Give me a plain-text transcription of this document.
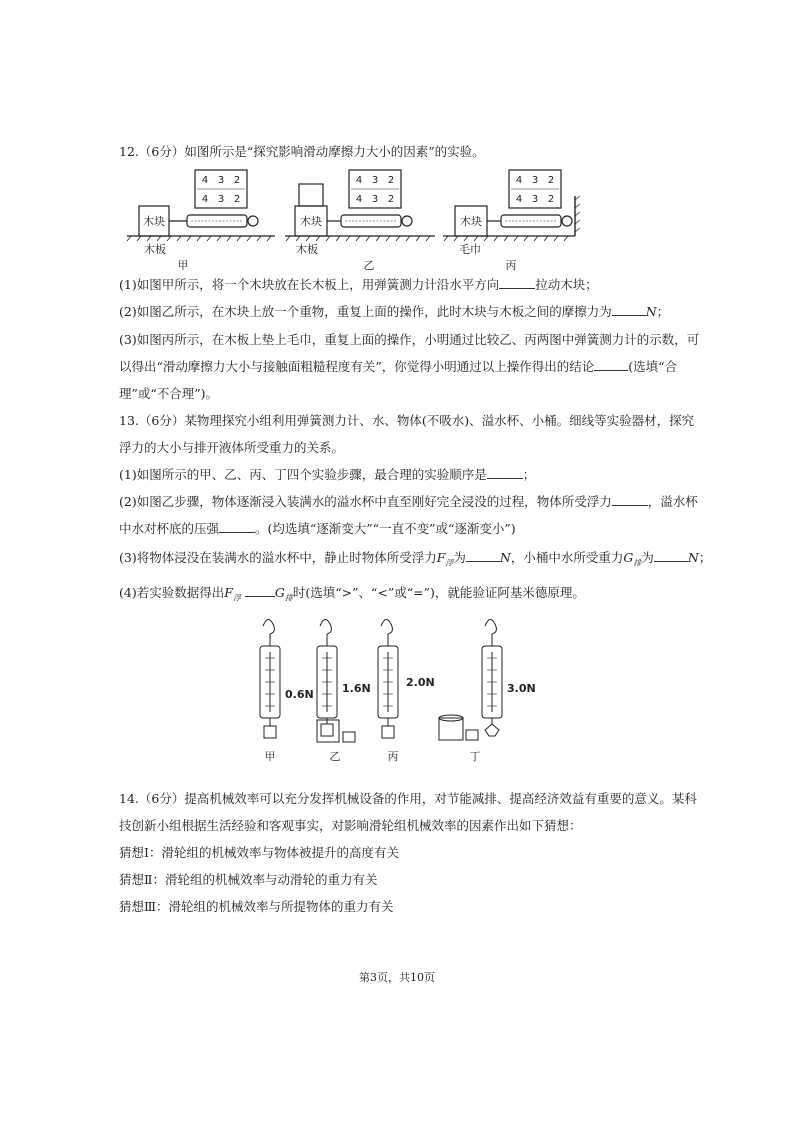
12.（6分）如图所示是“探究影响滑动摩擦力大小的因素”的实验。
4 3 2
4 3 2
4 3 2
4 3 2
4 3 2
4 3 2
木块	木块	木块
木板	木板	毛巾
甲	乙	丙
(1)如图甲所示，将一个木块放在长木板上，用弹簧测力计沿水平方向	拉动木块；
(2)如图乙所示，在木块上放一个重物，重复上面的操作，此时木块与木板之间的摩擦力为	N；
(3)如图丙所示，在木板上垫上毛巾，重复上面的操作，小明通过比较乙、丙两图中弹簧测力计的示数，可
以得出“滑动摩擦力大小与接触面粗糙程度有关”，你觉得小明通过以上操作得出的结论	(选填“合
理”或“不合理”)。
13.（6分）某物理探究小组利用弹簧测力计、水、物体(不吸水)、溢水杯、小桶。细线等实验器材，探究
浮力的大小与排开液体所受重力的关系。
(1)如图所示的甲、乙、丙、丁四个实验步骤，最合理的实验顺序是	；
(2)如图乙步骤，物体逐渐浸入装满水的溢水杯中直至刚好完全浸没的过程，物体所受浮力	，溢水杯
中水对杯底的压强	。(均选填“逐渐变大”“一直不变”或“逐渐变小”)
(3)将物体浸没在装满水的溢水杯中，静止时物体所受浮力$F_浮$为	N，小桶中水所受重力$G_排$为	N；
(4)若实验数据得出$F_浮$	$G_排$时(选填“>”、“<”或“=”)，就能验证阿基米德原理。
0.6N	1.6N	2.0N	3.0N
甲	乙	丙	丁
14.（6分）提高机械效率可以充分发挥机械设备的作用，对节能减排、提高经济效益有重要的意义。某科
技创新小组根据生活经验和客观事实，对影响滑轮组机械效率的因素作出如下猜想：
猜想Ⅰ：滑轮组的机械效率与物体被提升的高度有关
猜想Ⅱ：滑轮组的机械效率与动滑轮的重力有关
猜想Ⅲ：滑轮组的机械效率与所提物体的重力有关
第3页，共10页
